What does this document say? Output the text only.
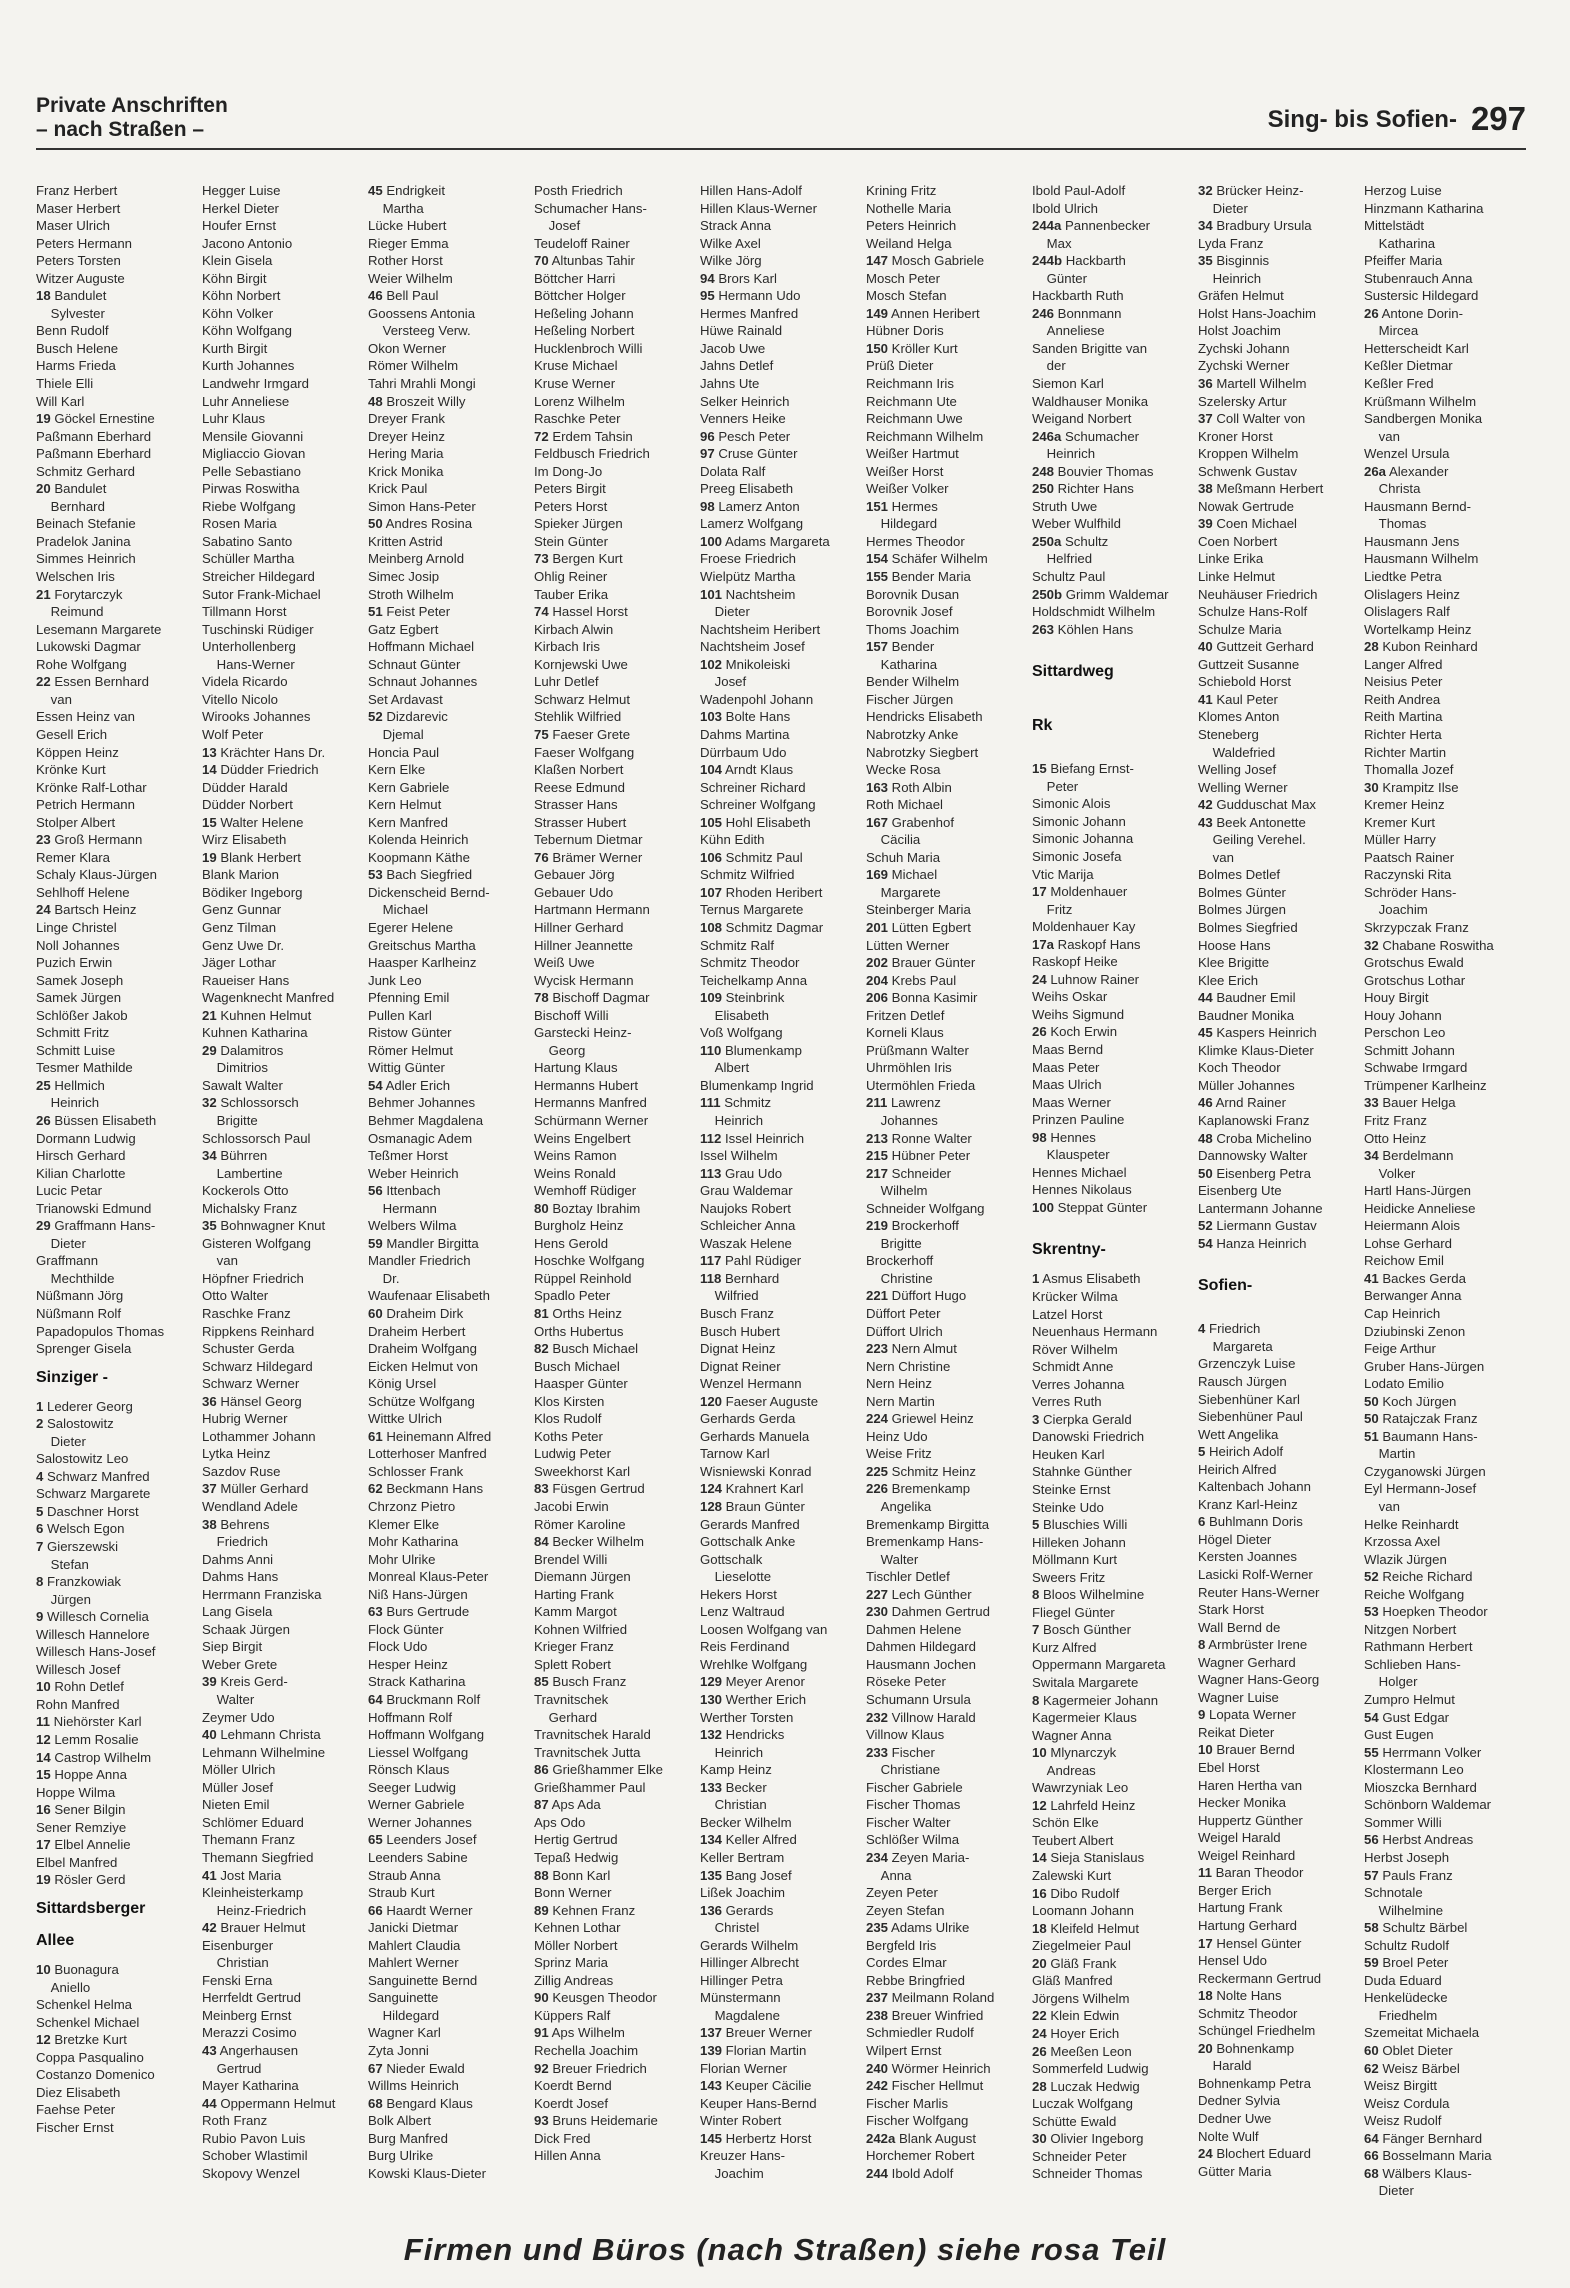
Private Anschriften
– nach Straßen –	Sing- bis Sofien- 297
Franz Herbert
Maser Herbert
Maser Ulrich
Peters Hermann
Peters Torsten
Witzer Auguste
18 Bandulet
Sylvester
Benn Rudolf
Busch Helene
Harms Frieda
Thiele Elli
Will Karl
19 Göckel Ernestine
Paßmann Eberhard
Paßmann Eberhard
Schmitz Gerhard
20 Bandulet
Bernhard
Beinach Stefanie
Pradelok Janina
Simmes Heinrich
Welschen Iris
21 Forytarczyk
Reimund
Lesemann Margarete
Lukowski Dagmar
Rohe Wolfgang
22 Essen Bernhard
van
Essen Heinz van
Gesell Erich
Köppen Heinz
Krönke Kurt
Krönke Ralf-Lothar
Petrich Hermann
Stolper Albert
23 Groß Hermann
Remer Klara
Schaly Klaus-Jürgen
Sehlhoff Helene
24 Bartsch Heinz
Linge Christel
Noll Johannes
Puzich Erwin
Samek Joseph
Samek Jürgen
Schlößer Jakob
Schmitt Fritz
Schmitt Luise
Tesmer Mathilde
25 Hellmich
Heinrich
26 Büssen Elisabeth
Dormann Ludwig
Hirsch Gerhard
Kilian Charlotte
Lucic Petar
Trianowski Edmund
29 Graffmann Hans-
Dieter
Graffmann
Mechthilde
Nüßmann Jörg
Nüßmann Rolf
Papadopulos Thomas
Sprenger Gisela
Sinziger -
1 Lederer Georg
2 Salostowitz
Dieter
Salostowitz Leo
4 Schwarz Manfred
Schwarz Margarete
5 Daschner Horst
6 Welsch Egon
7 Gierszewski
Stefan
8 Franzkowiak
Jürgen
9 Willesch Cornelia
Willesch Hannelore
Willesch Hans-Josef
Willesch Josef
10 Rohn Detlef
Rohn Manfred
11 Niehörster Karl
12 Lemm Rosalie
14 Castrop Wilhelm
15 Hoppe Anna
Hoppe Wilma
16 Sener Bilgin
Sener Remziye
17 Elbel Annelie
Elbel Manfred
19 Rösler Gerd
Sittardsberger
Allee
10 Buonagura
Aniello
Schenkel Helma
Schenkel Michael
12 Bretzke Kurt
Coppa Pasqualino
Costanzo Domenico
Diez Elisabeth
Faehse Peter
Fischer Ernst
Hegger Luise
Herkel Dieter
Houfer Ernst
Jacono Antonio
Klein Gisela
Köhn Birgit
Köhn Norbert
Köhn Volker
Köhn Wolfgang
Kurth Birgit
Kurth Johannes
Landwehr Irmgard
Luhr Anneliese
Luhr Klaus
Mensile Giovanni
Migliaccio Giovan
Pelle Sebastiano
Pirwas Roswitha
Riebe Wolfgang
Rosen Maria
Sabatino Santo
Schüller Martha
Streicher Hildegard
Sutor Frank-Michael
Tillmann Horst
Tuschinski Rüdiger
Unterhollenberg
Hans-Werner
Videla Ricardo
Vitello Nicolo
Wirooks Johannes
Wolf Peter
13 Krächter Hans Dr.
14 Düdder Friedrich
Düdder Harald
Düdder Norbert
15 Walter Helene
Wirz Elisabeth
19 Blank Herbert
Blank Marion
Bödiker Ingeborg
Genz Gunnar
Genz Tilman
Genz Uwe Dr.
Jäger Lothar
Raueiser Hans
Wagenknecht Manfred
21 Kuhnen Helmut
Kuhnen Katharina
29 Dalamitros
Dimitrios
Sawalt Walter
32 Schlossorsch
Brigitte
Schlossorsch Paul
34 Bührren
Lambertine
Kockerols Otto
Michalsky Franz
35 Bohnwagner Knut
Gisteren Wolfgang
van
Höpfner Friedrich
Otto Walter
Raschke Franz
Rippkens Reinhard
Schuster Gerda
Schwarz Hildegard
Schwarz Werner
36 Hänsel Georg
Hubrig Werner
Lothammer Johann
Lytka Heinz
Sazdov Ruse
37 Müller Gerhard
Wendland Adele
38 Behrens
Friedrich
Dahms Anni
Dahms Hans
Herrmann Franziska
Lang Gisela
Schaak Jürgen
Siep Birgit
Weber Grete
39 Kreis Gerd-
Walter
Zeymer Udo
40 Lehmann Christa
Lehmann Wilhelmine
Möller Ulrich
Müller Josef
Nieten Emil
Schlömer Eduard
Themann Franz
Themann Siegfried
41 Jost Maria
Kleinheisterkamp
Heinz-Friedrich
42 Brauer Helmut
Eisenburger
Christian
Fenski Erna
Herrfeldt Gertrud
Meinberg Ernst
Merazzi Cosimo
43 Angerhausen
Gertrud
Mayer Katharina
44 Oppermann Helmut
Roth Franz
Rubio Pavon Luis
Schober Wlastimil
Skopovy Wenzel
45 Endrigkeit
Martha
Lücke Hubert
Rieger Emma
Rother Horst
Weier Wilhelm
46 Bell Paul
Goossens Antonia
Versteeg Verw.
Okon Werner
Römer Wilhelm
Tahri Mrahli Mongi
48 Broszeit Willy
Dreyer Frank
Dreyer Heinz
Hering Maria
Krick Monika
Krick Paul
Simon Hans-Peter
50 Andres Rosina
Kritten Astrid
Meinberg Arnold
Simec Josip
Stroth Wilhelm
51 Feist Peter
Gatz Egbert
Hoffmann Michael
Schnaut Günter
Schnaut Johannes
Set Ardavast
52 Dizdarevic
Djemal
Honcia Paul
Kern Elke
Kern Gabriele
Kern Helmut
Kern Manfred
Kolenda Heinrich
Koopmann Käthe
53 Bach Siegfried
Dickenscheid Bernd-
Michael
Egerer Helene
Greitschus Martha
Haasper Karlheinz
Junk Leo
Pfenning Emil
Pullen Karl
Ristow Günter
Römer Helmut
Wittig Günter
54 Adler Erich
Behmer Johannes
Behmer Magdalena
Osmanagic Adem
Teßmer Horst
Weber Heinrich
56 Ittenbach
Hermann
Welbers Wilma
59 Mandler Birgitta
Mandler Friedrich
Dr.
Waufenaar Elisabeth
60 Draheim Dirk
Draheim Herbert
Draheim Wolfgang
Eicken Helmut von
König Ursel
Schütze Wolfgang
Wittke Ulrich
61 Heinemann Alfred
Lotterhoser Manfred
Schlosser Frank
62 Beckmann Hans
Chrzonz Pietro
Klemer Elke
Mohr Katharina
Mohr Ulrike
Monreal Klaus-Peter
Niß Hans-Jürgen
63 Burs Gertrude
Flock Günter
Flock Udo
Hesper Heinz
Strack Katharina
64 Bruckmann Rolf
Hoffmann Rolf
Hoffmann Wolfgang
Liessel Wolfgang
Rönsch Klaus
Seeger Ludwig
Werner Gabriele
Werner Johannes
65 Leenders Josef
Leenders Sabine
Straub Anna
Straub Kurt
66 Haardt Werner
Janicki Dietmar
Mahlert Claudia
Mahlert Werner
Sanguinette Bernd
Sanguinette
Hildegard
Wagner Karl
Zyta Jonni
67 Nieder Ewald
Willms Heinrich
68 Bengard Klaus
Bolk Albert
Burg Manfred
Burg Ulrike
Kowski Klaus-Dieter
Posth Friedrich
Schumacher Hans-
Josef
Teudeloff Rainer
70 Altunbas Tahir
Böttcher Harri
Böttcher Holger
Heßeling Johann
Heßeling Norbert
Hucklenbroch Willi
Kruse Michael
Kruse Werner
Lorenz Wilhelm
Raschke Peter
72 Erdem Tahsin
Feldbusch Friedrich
Im Dong-Jo
Peters Birgit
Peters Horst
Spieker Jürgen
Stein Günter
73 Bergen Kurt
Ohlig Reiner
Tauber Erika
74 Hassel Horst
Kirbach Alwin
Kirbach Iris
Kornjewski Uwe
Luhr Detlef
Schwarz Helmut
Stehlik Wilfried
75 Faeser Grete
Faeser Wolfgang
Klaßen Norbert
Reese Edmund
Strasser Hans
Strasser Hubert
Tebernum Dietmar
76 Brämer Werner
Gebauer Jörg
Gebauer Udo
Hartmann Hermann
Hillner Gerhard
Hillner Jeannette
Weiß Uwe
Wycisk Hermann
78 Bischoff Dagmar
Bischoff Willi
Garstecki Heinz-
Georg
Hartung Klaus
Hermanns Hubert
Hermanns Manfred
Schürmann Werner
Weins Engelbert
Weins Ramon
Weins Ronald
Wemhoff Rüdiger
80 Boztay Ibrahim
Burgholz Heinz
Hens Gerold
Hoschke Wolfgang
Rüppel Reinhold
Spadlo Peter
81 Orths Heinz
Orths Hubertus
82 Busch Michael
Busch Michael
Haasper Günter
Klos Kirsten
Klos Rudolf
Koths Peter
Ludwig Peter
Sweekhorst Karl
83 Füsgen Gertrud
Jacobi Erwin
Römer Karoline
84 Becker Wilhelm
Brendel Willi
Diemann Jürgen
Harting Frank
Kamm Margot
Kohnen Wilfried
Krieger Franz
Splett Robert
85 Busch Franz
Travnitschek
Gerhard
Travnitschek Harald
Travnitschek Jutta
86 Grießhammer Elke
Grießhammer Paul
87 Aps Ada
Aps Odo
Hertig Gertrud
Tepaß Hedwig
88 Bonn Karl
Bonn Werner
89 Kehnen Franz
Kehnen Lothar
Möller Norbert
Sprinz Maria
Zillig Andreas
90 Keusgen Theodor
Küppers Ralf
91 Aps Wilhelm
Rechella Joachim
92 Breuer Friedrich
Koerdt Bernd
Koerdt Josef
93 Bruns Heidemarie
Dick Fred
Hillen Anna
Hillen Hans-Adolf
Hillen Klaus-Werner
Strack Anna
Wilke Axel
Wilke Jörg
94 Brors Karl
95 Hermann Udo
Hermes Manfred
Hüwe Rainald
Jacob Uwe
Jahns Detlef
Jahns Ute
Selker Heinrich
Venners Heike
96 Pesch Peter
97 Cruse Günter
Dolata Ralf
Preeg Elisabeth
98 Lamerz Anton
Lamerz Wolfgang
100 Adams Margareta
Froese Friedrich
Wielpütz Martha
101 Nachtsheim
Dieter
Nachtsheim Heribert
Nachtsheim Josef
102 Mnikoleiski
Josef
Wadenpohl Johann
103 Bolte Hans
Dahms Martina
Dürrbaum Udo
104 Arndt Klaus
Schreiner Richard
Schreiner Wolfgang
105 Hohl Elisabeth
Kühn Edith
106 Schmitz Paul
Schmitz Wilfried
107 Rhoden Heribert
Ternus Margarete
108 Schmitz Dagmar
Schmitz Ralf
Schmitz Theodor
Teichelkamp Anna
109 Steinbrink
Elisabeth
Voß Wolfgang
110 Blumenkamp
Albert
Blumenkamp Ingrid
111 Schmitz
Heinrich
112 Issel Heinrich
Issel Wilhelm
113 Grau Udo
Grau Waldemar
Naujoks Robert
Schleicher Anna
Waszak Helene
117 Pahl Rüdiger
118 Bernhard
Wilfried
Busch Franz
Busch Hubert
Dignat Heinz
Dignat Reiner
Wenzel Hermann
120 Faeser Auguste
Gerhards Gerda
Gerhards Manuela
Tarnow Karl
Wisniewski Konrad
124 Krahnert Karl
128 Braun Günter
Gerards Manfred
Gottschalk Anke
Gottschalk
Lieselotte
Hekers Horst
Lenz Waltraud
Loosen Wolfgang van
Reis Ferdinand
Wrehlke Wolfgang
129 Meyer Arenor
130 Werther Erich
Werther Torsten
132 Hendricks
Heinrich
Kamp Heinz
133 Becker
Christian
Becker Wilhelm
134 Keller Alfred
Keller Bertram
135 Bang Josef
Lißek Joachim
136 Gerards
Christel
Gerards Wilhelm
Hillinger Albrecht
Hillinger Petra
Münstermann
Magdalene
137 Breuer Werner
139 Florian Martin
Florian Werner
143 Keuper Cäcilie
Keuper Hans-Bernd
Winter Robert
145 Herbertz Horst
Kreuzer Hans-
Joachim
Krining Fritz
Nothelle Maria
Peters Heinrich
Weiland Helga
147 Mosch Gabriele
Mosch Peter
Mosch Stefan
149 Annen Heribert
Hübner Doris
150 Kröller Kurt
Prüß Dieter
Reichmann Iris
Reichmann Ute
Reichmann Uwe
Reichmann Wilhelm
Weißer Hartmut
Weißer Horst
Weißer Volker
151 Hermes
Hildegard
Hermes Theodor
154 Schäfer Wilhelm
155 Bender Maria
Borovnik Dusan
Borovnik Josef
Thoms Joachim
157 Bender
Katharina
Bender Wilhelm
Fischer Jürgen
Hendricks Elisabeth
Nabrotzky Anke
Nabrotzky Siegbert
Wecke Rosa
163 Roth Albin
Roth Michael
167 Grabenhof
Cäcilia
Schuh Maria
169 Michael
Margarete
Steinberger Maria
201 Lütten Egbert
Lütten Werner
202 Brauer Günter
204 Krebs Paul
206 Bonna Kasimir
Fritzen Detlef
Korneli Klaus
Prüßmann Walter
Uhrmöhlen Iris
Utermöhlen Frieda
211 Lawrenz
Johannes
213 Ronne Walter
215 Hübner Peter
217 Schneider
Wilhelm
Schneider Wolfgang
219 Brockerhoff
Brigitte
Brockerhoff
Christine
221 Düffort Hugo
Düffort Peter
Düffort Ulrich
223 Nern Almut
Nern Christine
Nern Heinz
Nern Martin
224 Griewel Heinz
Heinz Udo
Weise Fritz
225 Schmitz Heinz
226 Bremenkamp
Angelika
Bremenkamp Birgitta
Bremenkamp Hans-
Walter
Tischler Detlef
227 Lech Günther
230 Dahmen Gertrud
Dahmen Helene
Dahmen Hildegard
Hausmann Jochen
Röseke Peter
Schumann Ursula
232 Villnow Harald
Villnow Klaus
233 Fischer
Christiane
Fischer Gabriele
Fischer Thomas
Fischer Walter
Schlößer Wilma
234 Zeyen Maria-
Anna
Zeyen Peter
Zeyen Stefan
235 Adams Ulrike
Bergfeld Iris
Cordes Elmar
Rebbe Bringfried
237 Meilmann Roland
238 Breuer Winfried
Schmiedler Rudolf
Wilpert Ernst
240 Wörmer Heinrich
242 Fischer Hellmut
Fischer Marlis
Fischer Wolfgang
242a Blank August
Horchemer Robert
244 Ibold Adolf
Ibold Paul-Adolf
Ibold Ulrich
244a Pannenbecker
Max
244b Hackbarth
Günter
Hackbarth Ruth
246 Bonnmann
Anneliese
Sanden Brigitte van
der
Siemon Karl
Waldhauser Monika
Weigand Norbert
246a Schumacher
Heinrich
248 Bouvier Thomas
250 Richter Hans
Struth Uwe
Weber Wulfhild
250a Schultz
Helfried
Schultz Paul
250b Grimm Waldemar
Holdschmidt Wilhelm
263 Köhlen Hans
Sittardweg
Rk
15 Biefang Ernst-
Peter
Simonic Alois
Simonic Johann
Simonic Johanna
Simonic Josefa
Vtic Marija
17 Moldenhauer
Fritz
Moldenhauer Kay
17a Raskopf Hans
Raskopf Heike
24 Luhnow Rainer
Weihs Oskar
Weihs Sigmund
26 Koch Erwin
Maas Bernd
Maas Peter
Maas Ulrich
Maas Werner
Prinzen Pauline
98 Hennes
Klauspeter
Hennes Michael
Hennes Nikolaus
100 Steppat Günter
Skrentny-
1 Asmus Elisabeth
Krücker Wilma
Latzel Horst
Neuenhaus Hermann
Röver Wilhelm
Schmidt Anne
Verres Johanna
Verres Ruth
3 Cierpka Gerald
Danowski Friedrich
Heuken Karl
Stahnke Günther
Steinke Ernst
Steinke Udo
5 Bluschies Willi
Hilleken Johann
Möllmann Kurt
Sweers Fritz
8 Bloos Wilhelmine
Fliegel Günter
7 Bosch Günther
Kurz Alfred
Oppermann Margareta
Switala Margarete
8 Kagermeier Johann
Kagermeier Klaus
Wagner Anna
10 Mlynarczyk
Andreas
Wawrzyniak Leo
12 Lahrfeld Heinz
Schön Elke
Teubert Albert
14 Sieja Stanislaus
Zalewski Kurt
16 Dibo Rudolf
Loomann Johann
18 Kleifeld Helmut
Ziegelmeier Paul
20 Gläß Frank
Gläß Manfred
Jörgens Wilhelm
22 Klein Edwin
24 Hoyer Erich
26 Meeßen Leon
Sommerfeld Ludwig
28 Luczak Hedwig
Luczak Wolfgang
Schütte Ewald
30 Olivier Ingeborg
Schneider Peter
Schneider Thomas
32 Brücker Heinz-
Dieter
34 Bradbury Ursula
Lyda Franz
35 Bisginnis
Heinrich
Gräfen Helmut
Holst Hans-Joachim
Holst Joachim
Zychski Johann
Zychski Werner
36 Martell Wilhelm
Szelersky Artur
37 Coll Walter von
Kroner Horst
Kroppen Wilhelm
Schwenk Gustav
38 Meßmann Herbert
Nowak Gertrude
39 Coen Michael
Coen Norbert
Linke Erika
Linke Helmut
Neuhäuser Friedrich
Schulze Hans-Rolf
Schulze Maria
40 Guttzeit Gerhard
Guttzeit Susanne
Schiebold Horst
41 Kaul Peter
Klomes Anton
Steneberg
Waldefried
Welling Josef
Welling Werner
42 Gudduschat Max
43 Beek Antonette
Geiling Verehel.
van
Bolmes Detlef
Bolmes Günter
Bolmes Jürgen
Bolmes Siegfried
Hoose Hans
Klee Brigitte
Klee Erich
44 Baudner Emil
Baudner Monika
45 Kaspers Heinrich
Klimke Klaus-Dieter
Koch Theodor
Müller Johannes
46 Arnd Rainer
Kaplanowski Franz
48 Croba Michelino
Dannowsky Walter
50 Eisenberg Petra
Eisenberg Ute
Lantermann Johanne
52 Liermann Gustav
54 Hanza Heinrich
Sofien-
4 Friedrich
Margareta
Grzenczyk Luise
Rausch Jürgen
Siebenhüner Karl
Siebenhüner Paul
Wett Angelika
5 Heirich Adolf
Heirich Alfred
Kaltenbach Johann
Kranz Karl-Heinz
6 Buhlmann Doris
Högel Dieter
Kersten Joannes
Lasicki Rolf-Werner
Reuter Hans-Werner
Stark Horst
Wall Bernd de
8 Armbrüster Irene
Wagner Gerhard
Wagner Hans-Georg
Wagner Luise
9 Lopata Werner
Reikat Dieter
10 Brauer Bernd
Ebel Horst
Haren Hertha van
Hecker Monika
Huppertz Günther
Weigel Harald
Weigel Reinhard
11 Baran Theodor
Berger Erich
Hartung Frank
Hartung Gerhard
17 Hensel Günter
Hensel Udo
Reckermann Gertrud
18 Nolte Hans
Schmitz Theodor
Schüngel Friedhelm
20 Bohnenkamp
Harald
Bohnenkamp Petra
Dedner Sylvia
Dedner Uwe
Nolte Wulf
24 Blochert Eduard
Gütter Maria
Herzog Luise
Hinzmann Katharina
Mittelstädt
Katharina
Pfeiffer Maria
Stubenrauch Anna
Sustersic Hildegard
26 Antone Dorin-
Mircea
Hetterscheidt Karl
Keßler Dietmar
Keßler Fred
Krüßmann Wilhelm
Sandbergen Monika
van
Wenzel Ursula
26a Alexander
Christa
Hausmann Bernd-
Thomas
Hausmann Jens
Hausmann Wilhelm
Liedtke Petra
Olislagers Heinz
Olislagers Ralf
Wortelkamp Heinz
28 Kubon Reinhard
Langer Alfred
Neisius Peter
Reith Andrea
Reith Martina
Richter Herta
Richter Martin
Thomalla Jozef
30 Krampitz Ilse
Kremer Heinz
Kremer Kurt
Müller Harry
Paatsch Rainer
Raczynski Rita
Schröder Hans-
Joachim
Skrzypczak Franz
32 Chabane Roswitha
Grotschus Ewald
Grotschus Lothar
Houy Birgit
Houy Johann
Perschon Leo
Schmitt Johann
Schwabe Irmgard
Trümpener Karlheinz
33 Bauer Helga
Fritz Franz
Otto Heinz
34 Berdelmann
Volker
Hartl Hans-Jürgen
Heidicke Anneliese
Heiermann Alois
Lohse Gerhard
Reichow Emil
41 Backes Gerda
Berwanger Anna
Cap Heinrich
Dziubinski Zenon
Feige Arthur
Gruber Hans-Jürgen
Lodato Emilio
50 Koch Jürgen
50 Ratajczak Franz
51 Baumann Hans-
Martin
Czyganowski Jürgen
Eyl Hermann-Josef
van
Helke Reinhardt
Krzossa Axel
Wlazik Jürgen
52 Reiche Richard
Reiche Wolfgang
53 Hoepken Theodor
Nitzgen Norbert
Rathmann Herbert
Schlieben Hans-
Holger
Zumpro Helmut
54 Gust Edgar
Gust Eugen
55 Herrmann Volker
Klostermann Leo
Mioszcka Bernhard
Schönborn Waldemar
Sommer Willi
56 Herbst Andreas
Herbst Joseph
57 Pauls Franz
Schnotale
Wilhelmine
58 Schultz Bärbel
Schultz Rudolf
59 Broel Peter
Duda Eduard
Henkelüdecke
Friedhelm
Szemeitat Michaela
60 Oblet Dieter
62 Weisz Bärbel
Weisz Birgitt
Weisz Cordula
Weisz Rudolf
64 Fänger Bernhard
66 Bosselmann Maria
68 Wälbers Klaus-
Dieter
Firmen und Büros (nach Straßen) siehe rosa Teil
